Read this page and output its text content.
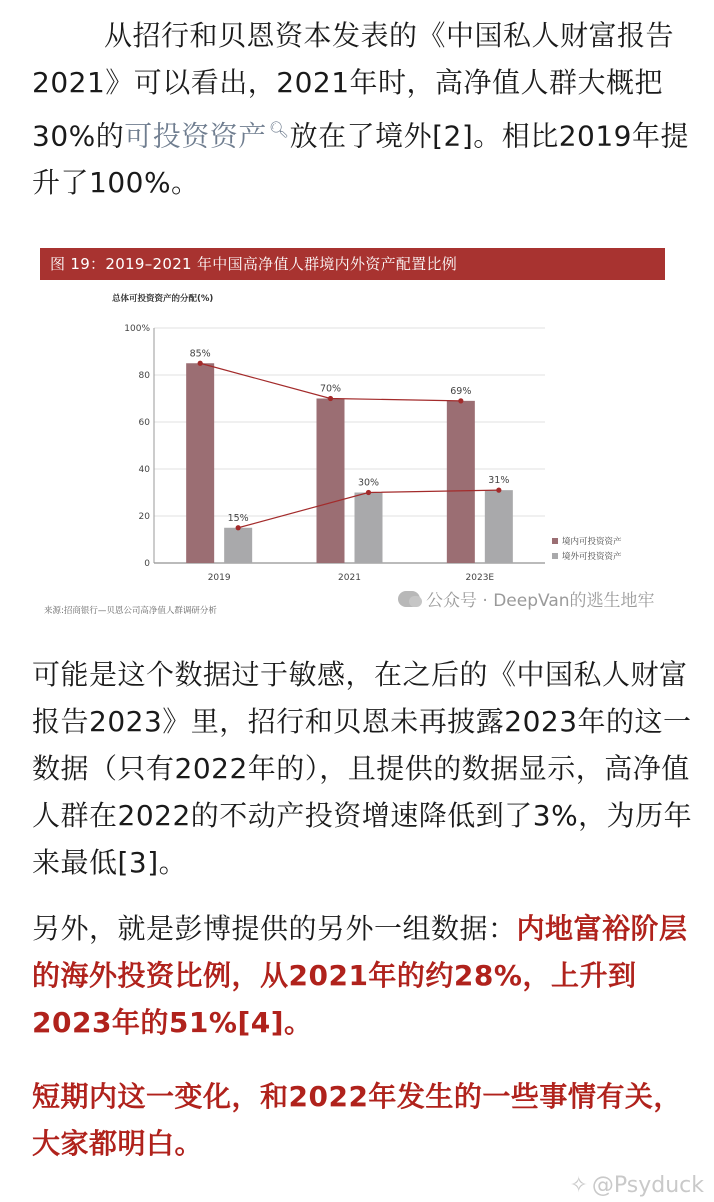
从招行和贝恩资本发表的《中国私人财富报告2021》可以看出，2021年时，高净值人群大概把30%的可投资资产 🔍︎放在了境外[2]。相比2019年提升了100%。

图 19：2019–2021 年中国高净值人群境内外资产配置比例
总体可投资资产的分配(%)
0
20
40
60
80
100%
85%
15%
2019
70%
30%
2021
69%
31%
2023E
境内可投资资产
境外可投资资产
公众号 · DeepVan的逃生地牢
来源:招商银行—贝恩公司高净值人群调研分析

可能是这个数据过于敏感，在之后的《中国私人财富报告2023》里，招行和贝恩未再披露2023年的这一数据（只有2022年的），且提供的数据显示，高净值人群在2022的不动产投资增速降低到了3%，为历年来最低[3]。

另外，就是彭博提供的另外一组数据：内地富裕阶层的海外投资比例，从2021年的约28%，上升到2023年的51%[4]。

短期内这一变化，和2022年发生的一些事情有关，大家都明白。

✧ @Psyduck
